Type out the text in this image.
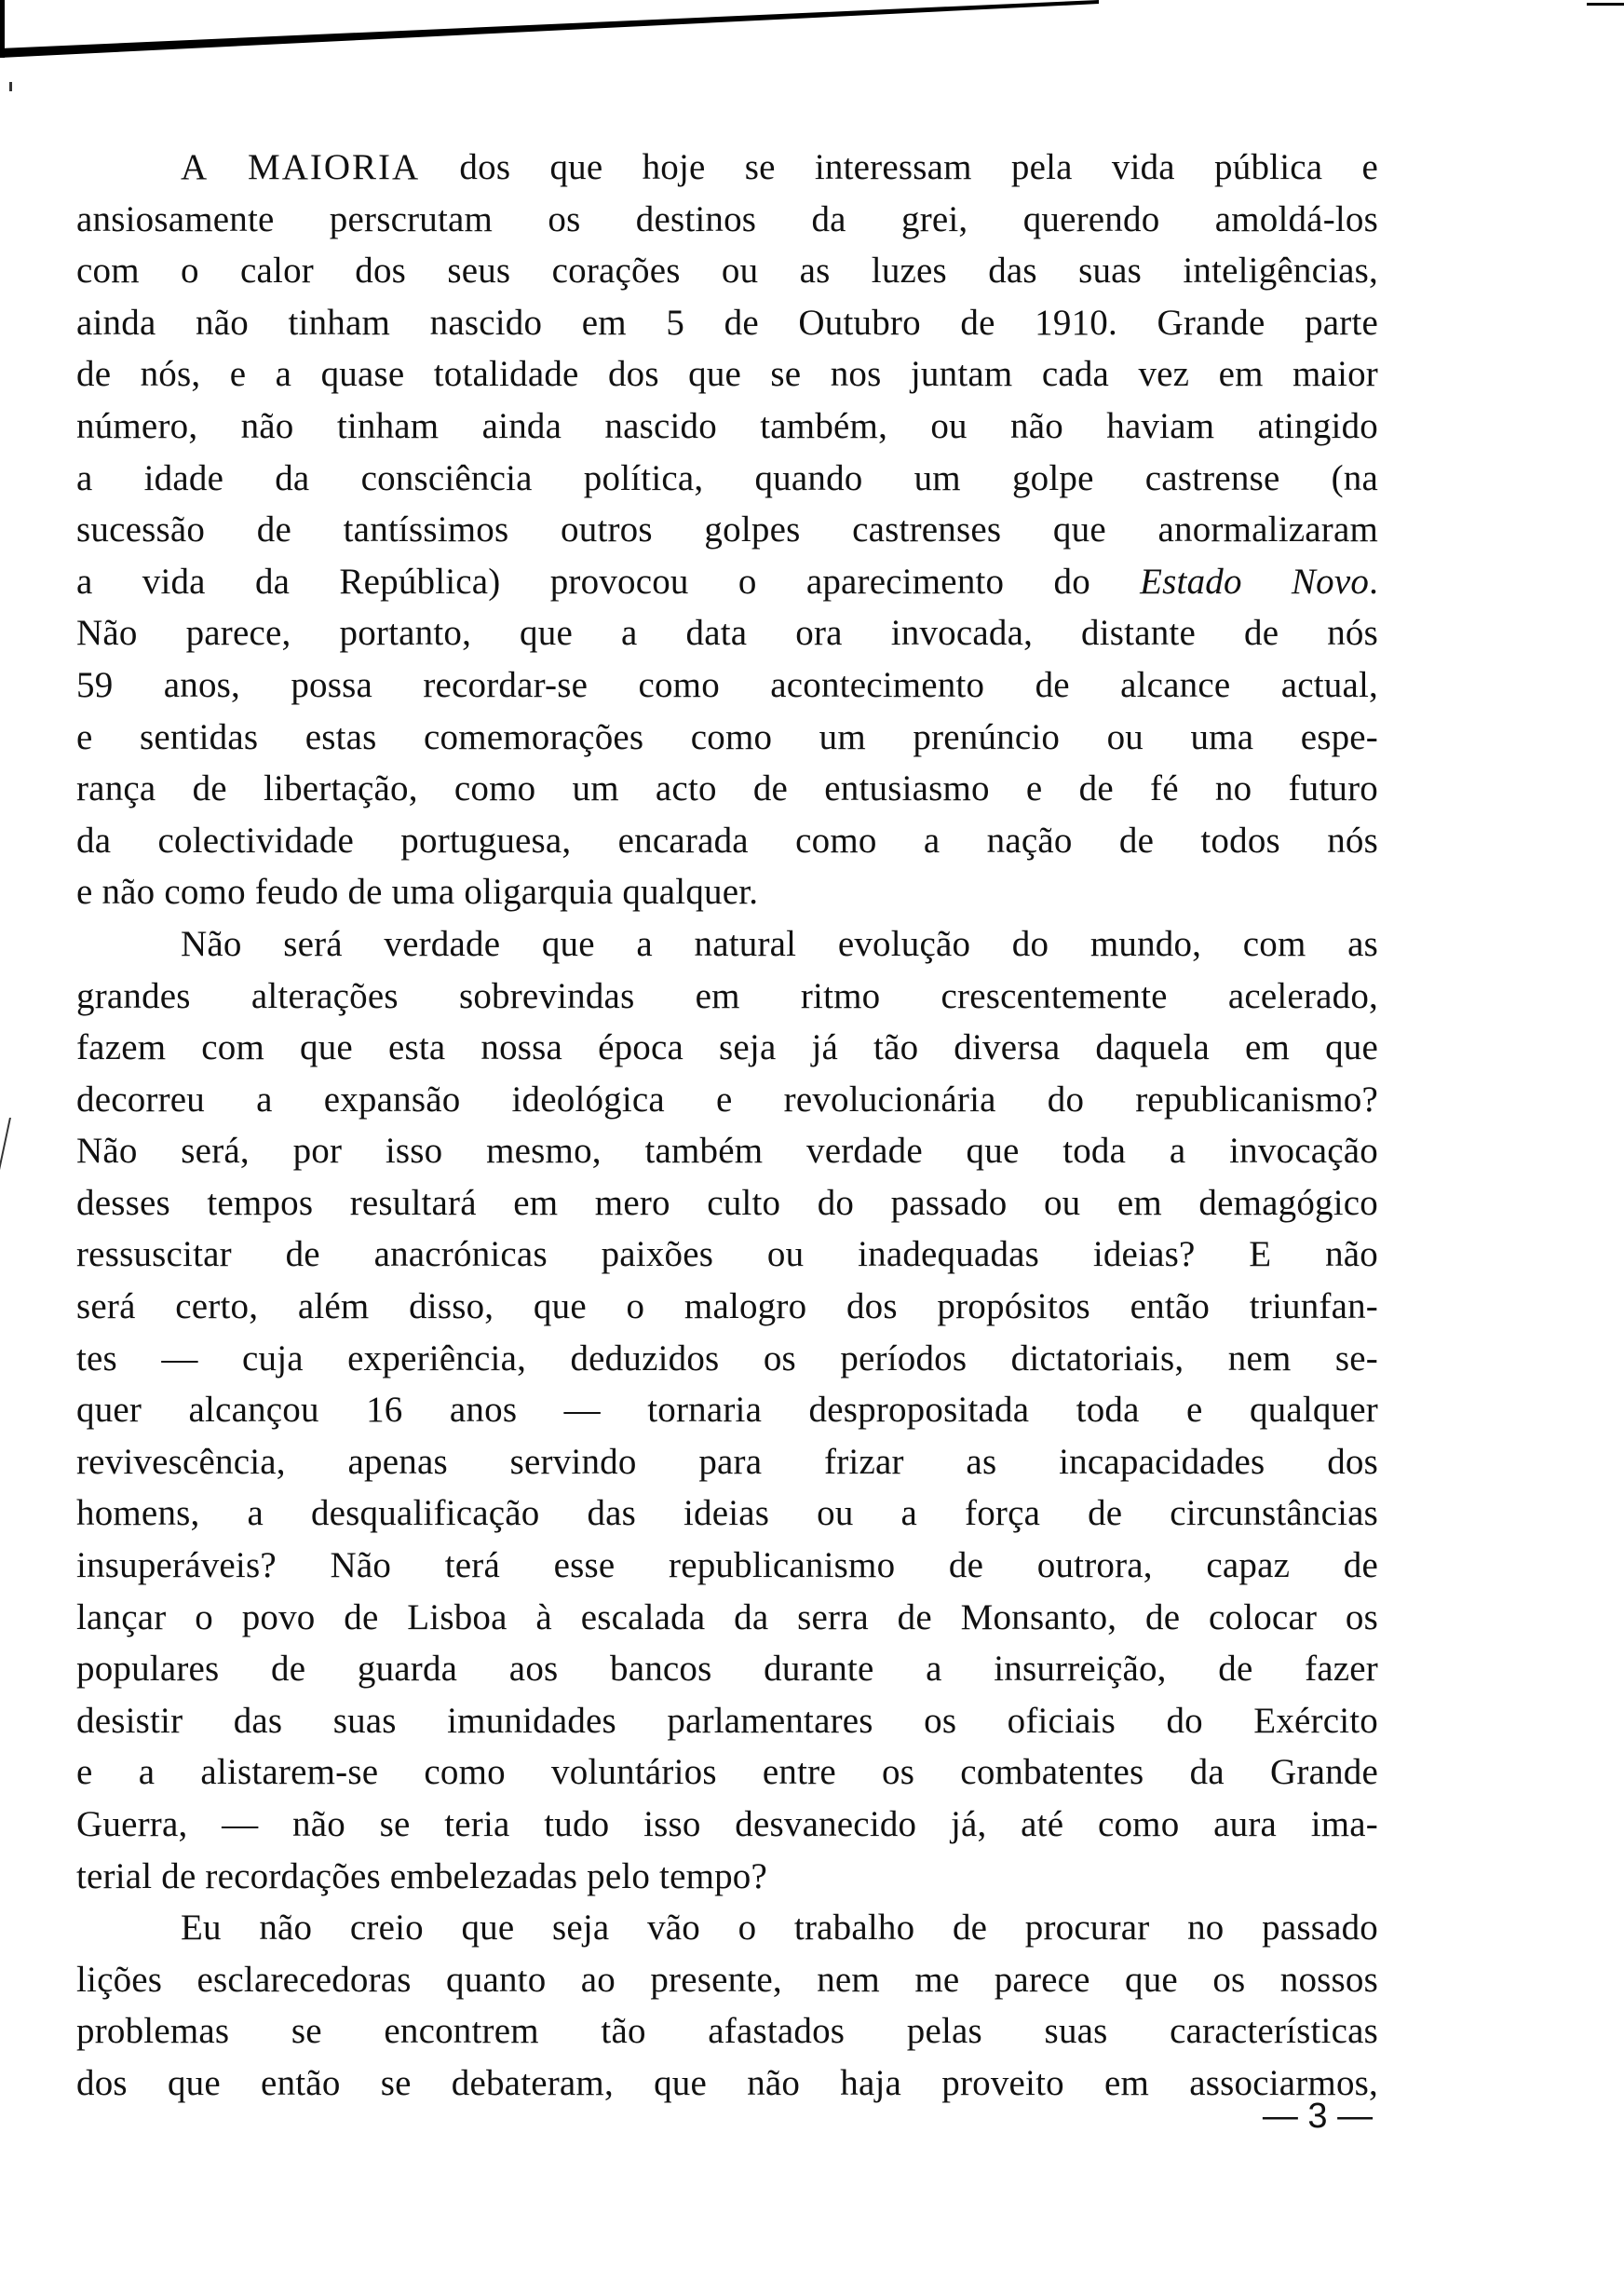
A MAIORIA dos que hoje se interessam pela vida pública e
ansiosamente perscrutam os destinos da grei, querendo amoldá-los
com o calor dos seus corações ou as luzes das suas inteligências,
ainda não tinham nascido em 5 de Outubro de 1910. Grande parte
de nós, e a quase totalidade dos que se nos juntam cada vez em maior
número, não tinham ainda nascido também, ou não haviam atingido
a idade da consciência política, quando um golpe castrense (na
sucessão de tantíssimos outros golpes castrenses que anormalizaram
a vida da República) provocou o aparecimento do Estado Novo.
Não parece, portanto, que a data ora invocada, distante de nós
59 anos, possa recordar-se como acontecimento de alcance actual,
e sentidas estas comemorações como um prenúncio ou uma espe-
rança de libertação, como um acto de entusiasmo e de fé no futuro
da colectividade portuguesa, encarada como a nação de todos nós
e não como feudo de uma oligarquia qualquer.
Não será verdade que a natural evolução do mundo, com as
grandes alterações sobrevindas em ritmo crescentemente acelerado,
fazem com que esta nossa época seja já tão diversa daquela em que
decorreu a expansão ideológica e revolucionária do republicanismo?
Não será, por isso mesmo, também verdade que toda a invocação
desses tempos resultará em mero culto do passado ou em demagógico
ressuscitar de anacrónicas paixões ou inadequadas ideias? E não
será certo, além disso, que o malogro dos propósitos então triunfan-
tes — cuja experiência, deduzidos os períodos dictatoriais, nem se-
quer alcançou 16 anos — tornaria despropositada toda e qualquer
revivescência, apenas servindo para frizar as incapacidades dos
homens, a desqualificação das ideias ou a força de circunstâncias
insuperáveis? Não terá esse republicanismo de outrora, capaz de
lançar o povo de Lisboa à escalada da serra de Monsanto, de colocar os
populares de guarda aos bancos durante a insurreição, de fazer
desistir das suas imunidades parlamentares os oficiais do Exército
e a alistarem-se como voluntários entre os combatentes da Grande
Guerra, — não se teria tudo isso desvanecido já, até como aura ima-
terial de recordações embelezadas pelo tempo?
Eu não creio que seja vão o trabalho de procurar no passado
lições esclarecedoras quanto ao presente, nem me parece que os nossos
problemas se encontrem tão afastados pelas suas características
dos que então se debateram, que não haja proveito em associarmos,
— 3 —
